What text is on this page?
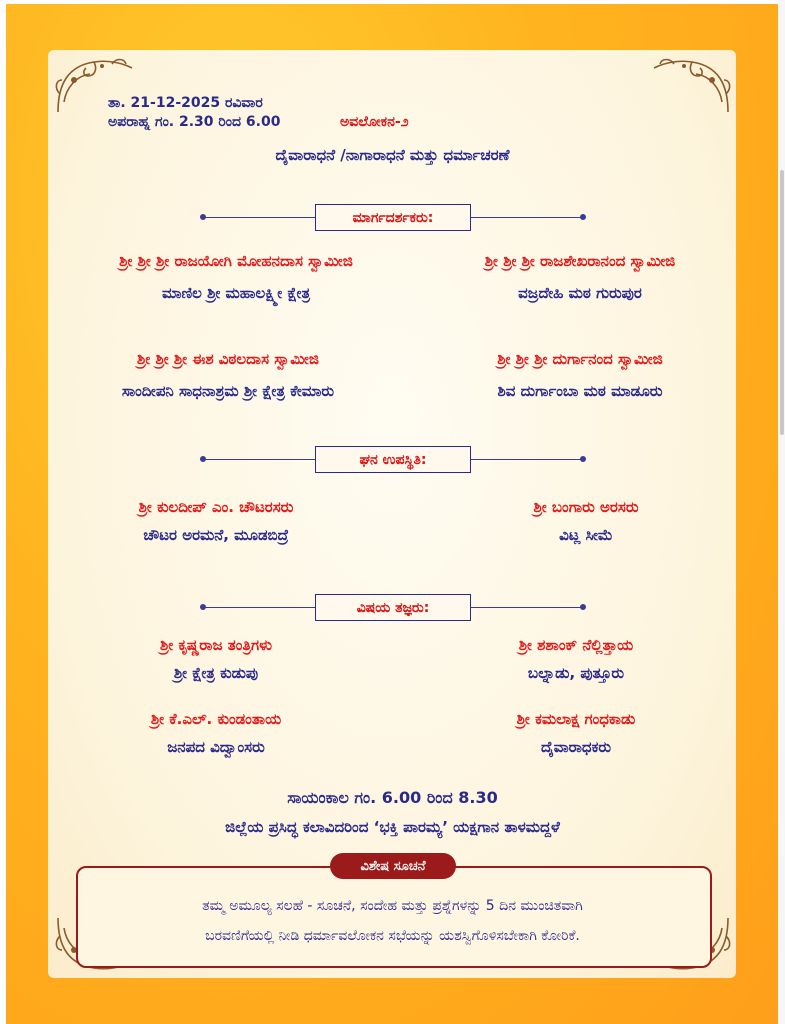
ತಾ. 21-12-2025 ರವಿವಾರ
ಅಪರಾಹ್ನ ಗಂ. 2.30 ರಿಂದ 6.00	ಅವಲೋಕನ-೨
ದೈವಾರಾಧನೆ /ನಾಗಾರಾಧನೆ ಮತ್ತು ಧರ್ಮಾಚರಣೆ
ಮಾರ್ಗದರ್ಶಕರು:
ಶ್ರೀ ಶ್ರೀ ಶ್ರೀ ರಾಜಯೋಗಿ ಮೋಹನದಾಸ ಸ್ವಾಮೀಜಿ
ಮಾಣಿಲ ಶ್ರೀ ಮಹಾಲಕ್ಷ್ಮೀ ಕ್ಷೇತ್ರ
ಶ್ರೀ ಶ್ರೀ ಶ್ರೀ ರಾಜಶೇಖರಾನಂದ ಸ್ವಾಮೀಜಿ
ವಜ್ರದೇಹಿ ಮಠ ಗುರುಪುರ
ಶ್ರೀ ಶ್ರೀ ಶ್ರೀ ಈಶ ವಿಠಲದಾಸ ಸ್ವಾಮೀಜಿ
ಸಾಂದೀಪನಿ ಸಾಧನಾಶ್ರಮ ಶ್ರೀ ಕ್ಷೇತ್ರ ಕೇಮಾರು
ಶ್ರೀ ಶ್ರೀ ಶ್ರೀ ದುರ್ಗಾನಂದ ಸ್ವಾಮೀಜಿ
ಶಿವ ದುರ್ಗಾಂಬಾ ಮಠ ಮಾಡೂರು
ಘನ ಉಪಸ್ಥಿತಿ:
ಶ್ರೀ ಕುಲದೀಪ್ ಎಂ. ಚೌಟರಸರು
ಚೌಟರ ಅರಮನೆ, ಮೂಡಬಿದ್ರೆ
ಶ್ರೀ ಬಂಗಾರು ಅರಸರು
ವಿಟ್ಲ ಸೀಮೆ
ವಿಷಯ ತಜ್ಞರು:
ಶ್ರೀ ಕೃಷ್ಣರಾಜ ತಂತ್ರಿಗಳು
ಶ್ರೀ ಕ್ಷೇತ್ರ ಕುಡುಪು
ಶ್ರೀ ಶಶಾಂಕ್ ನೆಲ್ಲಿತ್ತಾಯ
ಬಲ್ನಾಡು, ಪುತ್ತೂರು
ಶ್ರೀ ಕೆ.ಎಲ್. ಕುಂಡಂತಾಯ
ಜನಪದ ವಿದ್ವಾಂಸರು
ಶ್ರೀ ಕಮಲಾಕ್ಷ ಗಂಧಕಾಡು
ದೈವಾರಾಧಕರು
ಸಾಯಂಕಾಲ ಗಂ. 6.00 ರಿಂದ 8.30
ಜಿಲ್ಲೆಯ ಪ್ರಸಿದ್ಧ ಕಲಾವಿದರಿಂದ ‘ಭಕ್ತಿ ಪಾರಮ್ಯ’ ಯಕ್ಷಗಾನ ತಾಳಮದ್ದಳೆ
ವಿಶೇಷ ಸೂಚನೆ
ತಮ್ಮ ಅಮೂಲ್ಯ ಸಲಹೆ - ಸೂಚನೆ, ಸಂದೇಹ ಮತ್ತು ಪ್ರಶ್ನೆಗಳನ್ನು 5 ದಿನ ಮುಂಚಿತವಾಗಿ
ಬರವಣಿಗೆಯಲ್ಲಿ ನೀಡಿ ಧರ್ಮಾವಲೋಕನ ಸಭೆಯನ್ನು ಯಶಸ್ವಿಗೊಳಿಸಬೇಕಾಗಿ ಕೋರಿಕೆ.
